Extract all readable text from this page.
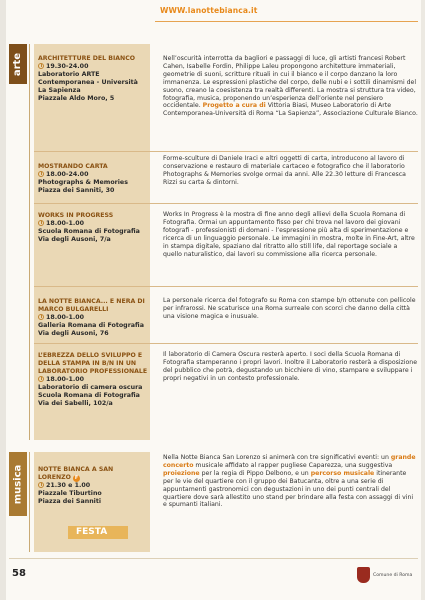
WWW.lanottebianca.it
arte
musica
ARCHITETTURE DEL BIANCO
19.30-24.00
Laboratorio ARTE
Contemporanea - Università
La Sapienza
Piazzale Aldo Moro, 5
Nell’oscurità interrotta da bagliori e passaggi di luce, gli artisti francesi Robert Cahen, Isabelle Fordin, Philippe Laleu propongono architetture immateriali, geometrie di suoni, scritture rituali in cui il bianco e il corpo danzano la loro immanenza. Le espressioni plastiche del corpo, delle nubi e i sottili dinamismi del suono, creano la coesistenza tra realtà differenti. La mostra si struttura tra video, fotografia, musica, proponendo un’esperienza dell’oriente nel pensiero occidentale. Progetto a cura di Vittoria Biasi, Museo Laboratorio di Arte Contemporanea-Università di Roma “La Sapienza”, Associazione Culturale Bianco.
MOSTRANDO CARTA
18.00-24.00
Photographs & Memories
Piazza dei Sanniti, 30
Forme-sculture di Daniele Iraci e altri oggetti di carta, introducono al lavoro di conservazione e restauro di materiale cartaceo e fotografico che il laboratorio Photographs & Memories svolge ormai da anni. Alle 22.30 letture di Francesca Rizzi su carta & dintorni.
WORKS IN PROGRESS
18.00-1.00
Scuola Romana di Fotografia
Via degli Ausoni, 7/a
Works In Progress è la mostra di fine anno degli allievi della Scuola Romana di Fotografia. Ormai un appuntamento fisso per chi trova nel lavoro dei giovani fotografi - professionisti di domani - l’espressione più alta di sperimentazione e ricerca di un linguaggio personale. Le immagini in mostra, molte in Fine-Art, altre in stampa digitale, spaziano dal ritratto allo still life, dal reportage sociale a quello naturalistico, dai lavori su commissione alla ricerca personale.
LA NOTTE BIANCA... E NERA DI MARCO BULGARELLI
18.00-1.00
Galleria Romana di Fotografia
Via degli Ausoni, 76
La personale ricerca del fotografo su Roma con stampe b/n ottenute con pellicole per infrarossi. Ne scaturisce una Roma surreale con scorci che danno della città una visione magica e inusuale.
L’EBREZZA DELLO SVILUPPO E DELLA STAMPA IN B/N IN UN LABORATORIO PROFESSIONALE
18.00-1.00
Laboratorio di camera oscura
Scuola Romana di Fotografia
Via dei Sabelli, 102/a
Il laboratorio di Camera Oscura resterà aperto. I soci della Scuola Romana di Fotografia stamperanno i propri lavori. Inoltre il Laboratorio resterà a disposizione del pubblico che potrà, degustando un bicchiere di vino, stampare e sviluppare i propri negativi in un contesto professionale.
NOTTE BIANCA A SAN LORENZO F
21.30 e 1.00
Piazzale Tiburtino
Piazza dei Sanniti
FESTA
Nella Notte Bianca San Lorenzo si animerà con tre significativi eventi: un grande concerto musicale affidato al rapper pugliese Caparezza, una suggestiva proiezione per la regia di Pippo Delbono, e un percorso musicale itinerante per le vie del quartiere con il gruppo dei Batucanta, oltre a una serie di appuntamenti gastronomici con degustazioni in uno dei punti centrali del quartiere dove sarà allestito uno stand per brindare alla festa con assaggi di vini e spumanti italiani.
58	Comune di Roma
